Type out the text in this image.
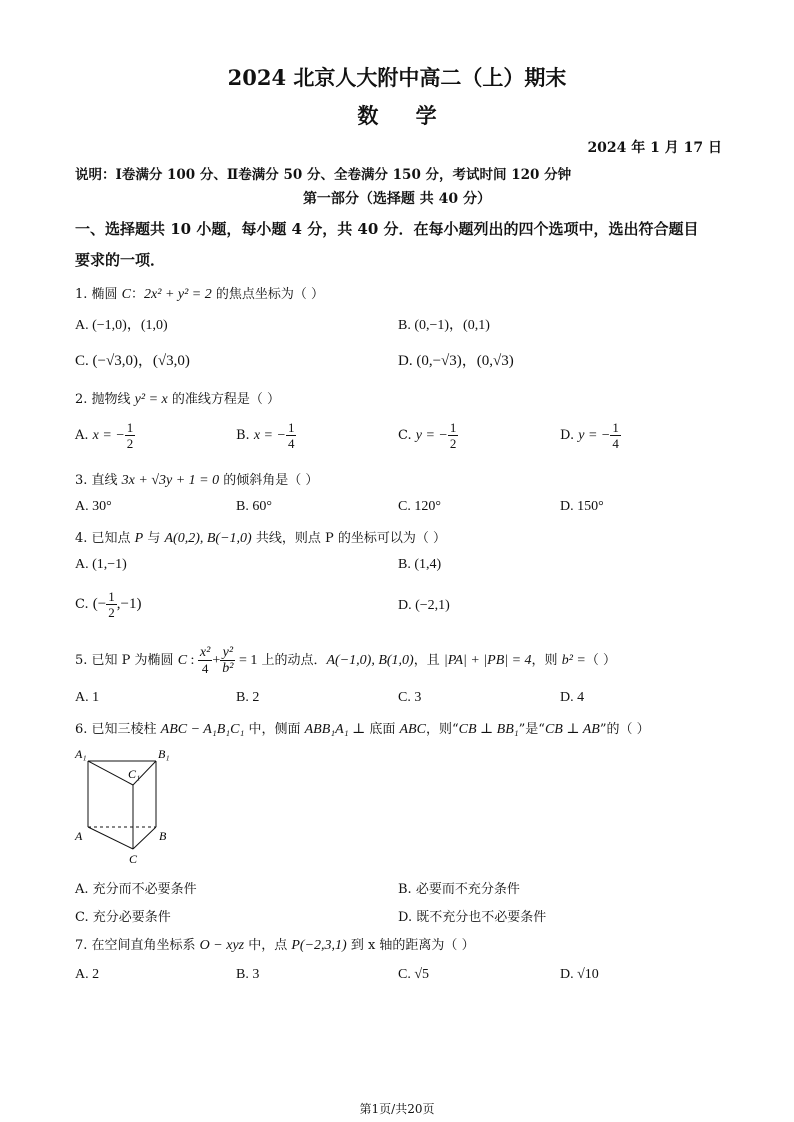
2024 北京人大附中高二（上）期末
数 学
2024 年 1 月 17 日
说明：Ⅰ卷满分 100 分、Ⅱ卷满分 50 分、全卷满分 150 分，考试时间 120 分钟
第一部分（选择题 共 40 分）
一、选择题共 10 小题，每小题 4 分，共 40 分．在每小题列出的四个选项中，选出符合题目
要求的一项．
1. 椭圆 C：2x² + y² = 2 的焦点坐标为（ ）
A. (−1,0)，(1,0)	B. (0,−1)，(0,1)
C. (−√3,0)，(√3,0)	D. (0,−√3)，(0,√3)
2. 抛物线 y² = x 的准线方程是（ ）
A. x = − $\frac{1}{2}$	B. x = − $\frac{1}{4}$	C. y = − $\frac{1}{2}$	D. y = − $\frac{1}{4}$
3. 直线 3x + √3y + 1 = 0 的倾斜角是（ ）
A. 30°	B. 60°	C. 120°	D. 150°
4. 已知点 P 与 A(0,2), B(−1,0) 共线，则点 P 的坐标可以为（ ）
A. (1,−1)	B. (1,4)
C. (− $\frac{1}{2} ,-1$)	D. (−2,1)
5. 已知 P 为椭圆 C : $\frac{\text{x²}}{4} + \frac{\text{y²}}{\text{b²}} = 1$ 上的动点．A(−1,0), B(1,0)，且 |PA| + |PB| = 4，则 b² =（ ）
A. 1	B. 2	C. 3	D. 4
6. 已知三棱柱 ABC − A₁B₁C₁ 中，侧面 ABB₁A₁ ⊥ 底面 ABC，则“CB ⊥ BB₁”是“CB ⊥ AB”的（ ）
A₁	B₁
C₁
A	B
C
A. 充分而不必要条件	B. 必要而不充分条件
C. 充分必要条件	D. 既不充分也不必要条件
7. 在空间直角坐标系 O − xyz 中，点 P(−2,3,1) 到 x 轴的距离为（ ）
A. 2	B. 3	C. √5	D. √10
第1页/共20页
